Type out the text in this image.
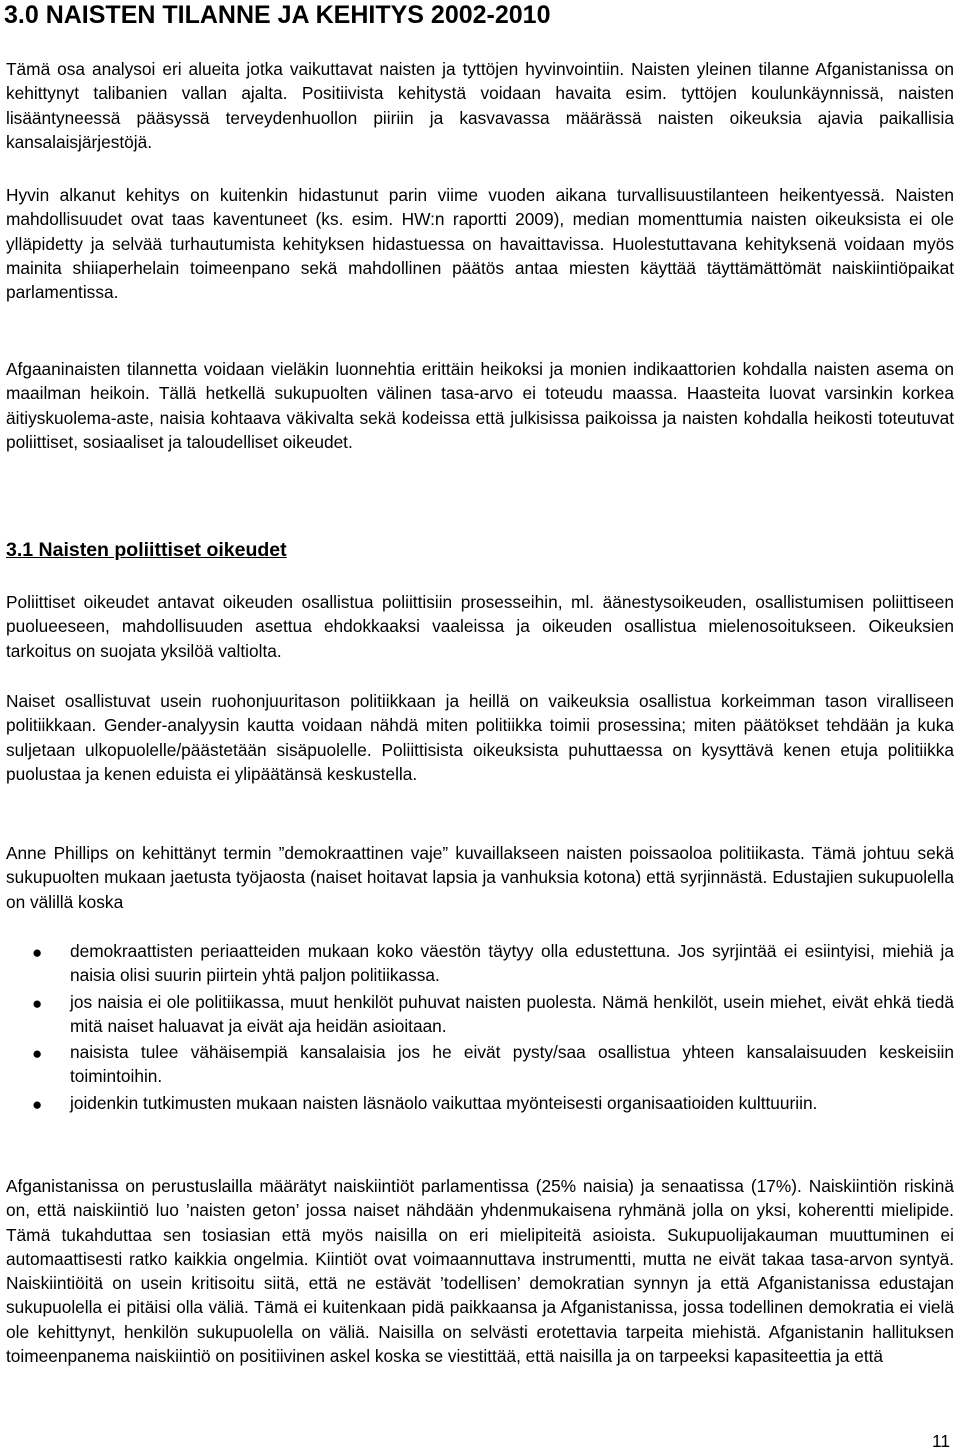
3.0 NAISTEN TILANNE JA KEHITYS 2002-2010

Tämä osa analysoi eri alueita jotka vaikuttavat naisten ja tyttöjen hyvinvointiin. Naisten yleinen tilanne Afganistanissa on kehittynyt talibanien vallan ajalta. Positiivista kehitystä voidaan havaita esim. tyttöjen koulunkäynnissä, naisten lisääntyneessä pääsyssä terveydenhuollon piiriin ja kasvavassa määrässä naisten oikeuksia ajavia paikallisia kansalaisjärjestöjä.

Hyvin alkanut kehitys on kuitenkin hidastunut parin viime vuoden aikana turvallisuustilanteen heikentyessä. Naisten mahdollisuudet ovat taas kaventuneet (ks. esim. HW:n raportti 2009), median momenttumia naisten oikeuksista ei ole ylläpidetty ja selvää turhautumista kehityksen hidastuessa on havaittavissa. Huolestuttavana kehityksenä voidaan myös mainita shiiaperhelain toimeenpano sekä mahdollinen päätös antaa miesten käyttää täyttämättömät naiskiintiöpaikat parlamentissa.

Afgaaninaisten tilannetta voidaan vieläkin luonnehtia erittäin heikoksi ja monien indikaattorien kohdalla naisten asema on maailman heikoin. Tällä hetkellä sukupuolten välinen tasa-arvo ei toteudu maassa. Haasteita luovat varsinkin korkea äitiyskuolema-aste, naisia kohtaava väkivalta sekä kodeissa että julkisissa paikoissa ja naisten kohdalla heikosti toteutuvat poliittiset, sosiaaliset ja taloudelliset oikeudet.

3.1 Naisten poliittiset oikeudet

Poliittiset oikeudet antavat oikeuden osallistua poliittisiin prosesseihin, ml. äänestysoikeuden, osallistumisen poliittiseen puolueeseen, mahdollisuuden asettua ehdokkaaksi vaaleissa ja oikeuden osallistua mielenosoitukseen. Oikeuksien tarkoitus on suojata yksilöä valtiolta.

Naiset osallistuvat usein ruohonjuuritason politiikkaan ja heillä on vaikeuksia osallistua korkeimman tason viralliseen politiikkaan. Gender-analyysin kautta voidaan nähdä miten politiikka toimii prosessina; miten päätökset tehdään ja kuka suljetaan ulkopuolelle/päästetään sisäpuolelle. Poliittisista oikeuksista puhuttaessa on kysyttävä kenen etuja politiikka puolustaa ja kenen eduista ei ylipäätänsä keskustella.

Anne Phillips on kehittänyt termin ”demokraattinen vaje” kuvaillakseen naisten poissaoloa politiikasta. Tämä johtuu sekä sukupuolten mukaan jaetusta työjaosta (naiset hoitavat lapsia ja vanhuksia kotona) että syrjinnästä. Edustajien sukupuolella on välillä koska

● demokraattisten periaatteiden mukaan koko väestön täytyy olla edustettuna. Jos syrjintää ei esiintyisi, miehiä ja naisia olisi suurin piirtein yhtä paljon politiikassa.
● jos naisia ei ole politiikassa, muut henkilöt puhuvat naisten puolesta. Nämä henkilöt, usein miehet, eivät ehkä tiedä mitä naiset haluavat ja eivät aja heidän asioitaan.
● naisista tulee vähäisempiä kansalaisia jos he eivät pysty/saa osallistua yhteen kansalaisuuden keskeisiin toimintoihin.
● joidenkin tutkimusten mukaan naisten läsnäolo vaikuttaa myönteisesti organisaatioiden kulttuuriin.

Afganistanissa on perustuslailla määrätyt naiskiintiöt parlamentissa (25% naisia) ja senaatissa (17%). Naiskiintiön riskinä on, että naiskiintiö luo ’naisten geton’ jossa naiset nähdään yhdenmukaisena ryhmänä jolla on yksi, koherentti mielipide. Tämä tukahduttaa sen tosiasian että myös naisilla on eri mielipiteitä asioista. Sukupuolijakauman muuttuminen ei automaattisesti ratko kaikkia ongelmia. Kiintiöt ovat voimaannuttava instrumentti, mutta ne eivät takaa tasa-arvon syntyä. Naiskiintiöitä on usein kritisoitu siitä, että ne estävät ’todellisen’ demokratian synnyn ja että Afganistanissa edustajan sukupuolella ei pitäisi olla väliä. Tämä ei kuitenkaan pidä paikkaansa ja Afganistanissa, jossa todellinen demokratia ei vielä ole kehittynyt, henkilön sukupuolella on väliä. Naisilla on selvästi erotettavia tarpeita miehistä. Afganistanin hallituksen toimeenpanema naiskiintiö on positiivinen askel koska se viestittää, että naisilla ja on tarpeeksi kapasiteettia ja että

11
